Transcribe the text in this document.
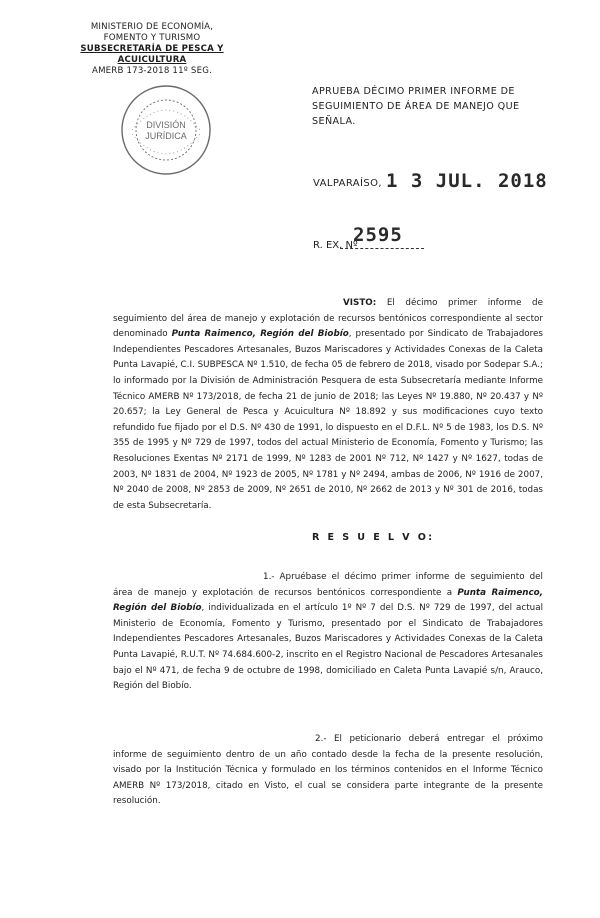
MINISTERIO DE ECONOMÍA,
FOMENTO Y TURISMO
SUBSECRETARÍA DE PESCA Y ACUICULTURA
AMERB 173-2018 11º SEG.
DIVISIÓN
JURÍDICA
APRUEBA DÉCIMO PRIMER INFORME DE SEGUIMIENTO DE ÁREA DE MANEJO QUE SEÑALA.
VALPARAÍSO, 1 3 JUL. 2018
R. EX. Nº
2595
VISTO: El décimo primer informe de seguimiento del área de manejo y explotación de recursos bentónicos correspondiente al sector denominado Punta Raimenco, Región del Biobío, presentado por Sindicato de Trabajadores Independientes Pescadores Artesanales, Buzos Mariscadores y Actividades Conexas de la Caleta Punta Lavapié, C.I. SUBPESCA Nº 1.510, de fecha 05 de febrero de 2018, visado por Sodepar S.A.; lo informado por la División de Administración Pesquera de esta Subsecretaría mediante Informe Técnico AMERB Nº 173/2018, de fecha 21 de junio de 2018; las Leyes Nº 19.880, Nº 20.437 y Nº 20.657; la Ley General de Pesca y Acuicultura Nº 18.892 y sus modificaciones cuyo texto refundido fue fijado por el D.S. Nº 430 de 1991, lo dispuesto en el D.F.L. Nº 5 de 1983, los D.S. Nº 355 de 1995 y Nº 729 de 1997, todos del actual Ministerio de Economía, Fomento y Turismo; las Resoluciones Exentas Nº 2171 de 1999, Nº 1283 de 2001 Nº 712, Nº 1427 y Nº 1627, todas de 2003, Nº 1831 de 2004, Nº 1923 de 2005, Nº 1781 y Nº 2494, ambas de 2006, Nº 1916 de 2007, Nº 2040 de 2008, Nº 2853 de 2009, Nº 2651 de 2010, Nº 2662 de 2013 y Nº 301 de 2016, todas de esta Subsecretaría.
R E S U E L V O:
1.- Apruébase el décimo primer informe de seguimiento del área de manejo y explotación de recursos bentónicos correspondiente a Punta Raimenco, Región del Biobío, individualizada en el artículo 1º Nº 7 del D.S. Nº 729 de 1997, del actual Ministerio de Economía, Fomento y Turismo, presentado por el Sindicato de Trabajadores Independientes Pescadores Artesanales, Buzos Mariscadores y Actividades Conexas de la Caleta Punta Lavapié, R.U.T. Nº 74.684.600-2, inscrito en el Registro Nacional de Pescadores Artesanales bajo el Nº 471, de fecha 9 de octubre de 1998, domiciliado en Caleta Punta Lavapié s/n, Arauco, Región del Biobío.
2.- El peticionario deberá entregar el próximo informe de seguimiento dentro de un año contado desde la fecha de la presente resolución, visado por la Institución Técnica y formulado en los términos contenidos en el Informe Técnico AMERB Nº 173/2018, citado en Visto, el cual se considera parte integrante de la presente resolución.
